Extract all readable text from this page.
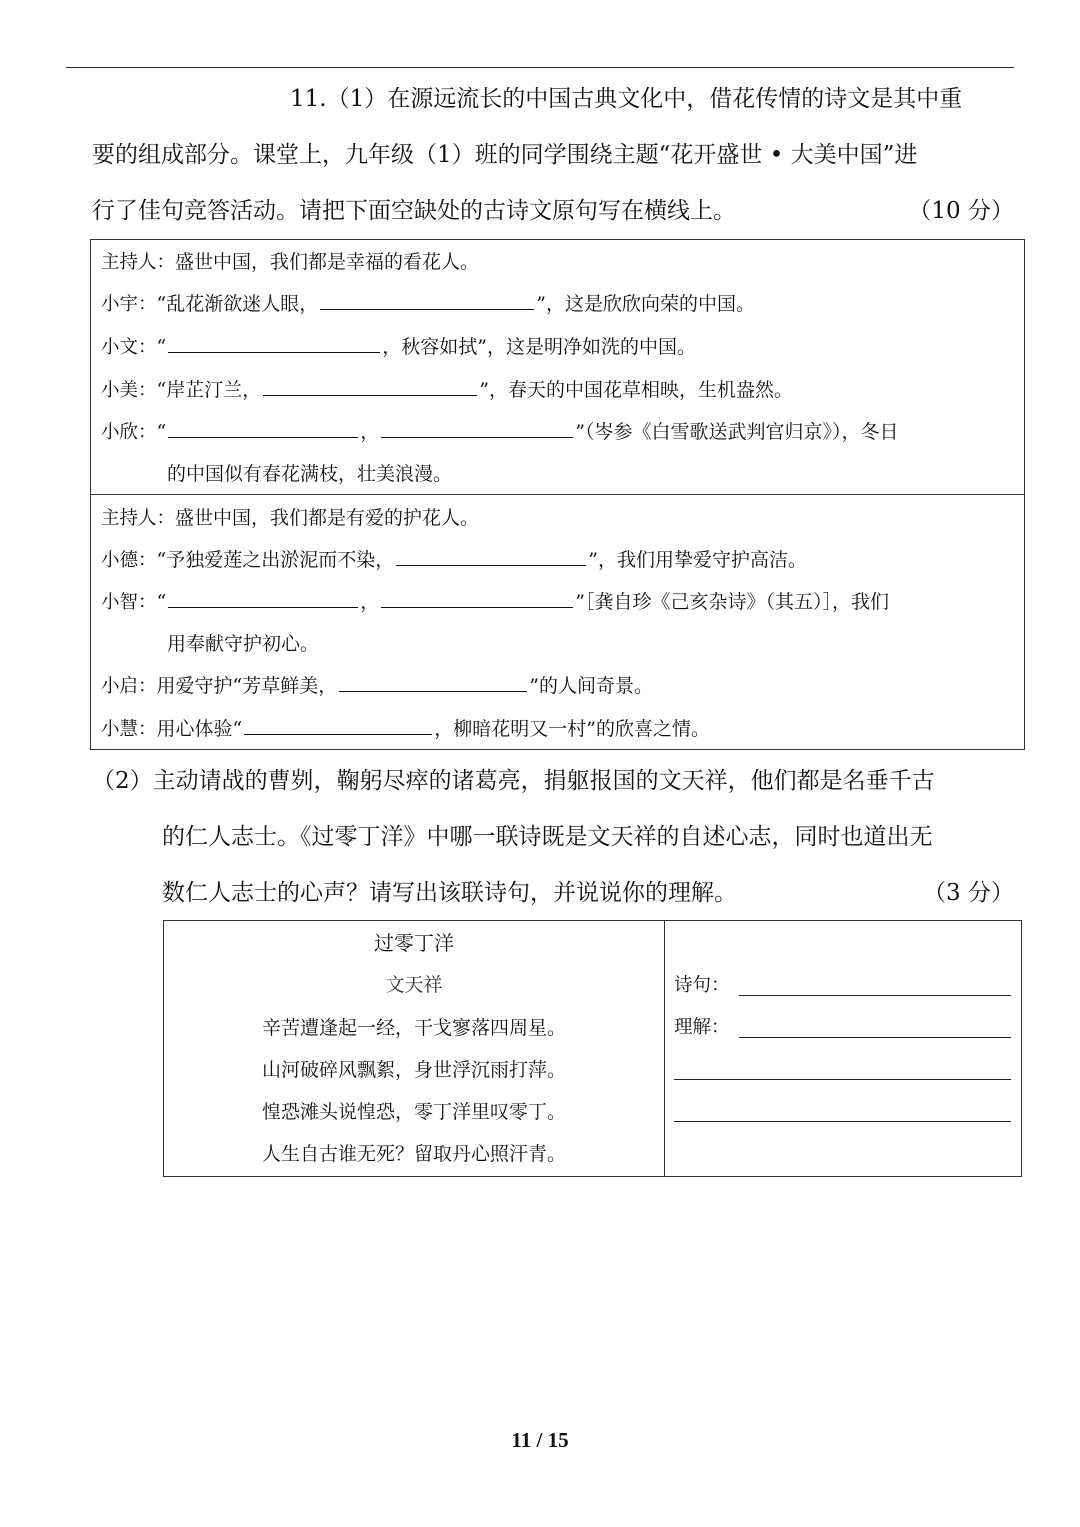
11.（1）在源远流长的中国古典文化中，借花传情的诗文是其中重
要的组成部分。课堂上，九年级（1）班的同学围绕主题“花开盛世 • 大美中国”进
行了佳句竞答活动。请把下面空缺处的古诗文原句写在横线上。	（10 分）
主持人：盛世中国，我们都是幸福的看花人。
小宇：“乱花渐欲迷人眼，	”，这是欣欣向荣的中国。
小文：“	，秋容如拭”，这是明净如洗的中国。
小美：“岸芷汀兰，	”，春天的中国花草相映，生机盎然。
小欣：“	，	”（岑参《白雪歌送武判官归京》），冬日
的中国似有春花满枝，壮美浪漫。
主持人：盛世中国，我们都是有爱的护花人。
小德：“予独爱莲之出淤泥而不染，	”，我们用挚爱守护高洁。
小智：“	，	”［龚自珍《己亥杂诗》（其五）］，我们
用奉献守护初心。
小启：用爱守护“芳草鲜美，	”的人间奇景。
小慧：用心体验“	，柳暗花明又一村”的欣喜之情。
（2）主动请战的曹刿，鞠躬尽瘁的诸葛亮，捐躯报国的文天祥，他们都是名垂千古
的仁人志士。《过零丁洋》中哪一联诗既是文天祥的自述心志，同时也道出无
数仁人志士的心声？请写出该联诗句，并说说你的理解。	（3 分）
过零丁洋
文天祥
辛苦遭逢起一经，干戈寥落四周星。
山河破碎风飘絮，身世浮沉雨打萍。
惶恐滩头说惶恐，零丁洋里叹零丁。
人生自古谁无死？留取丹心照汗青。
诗句：
理解：
11 / 15
